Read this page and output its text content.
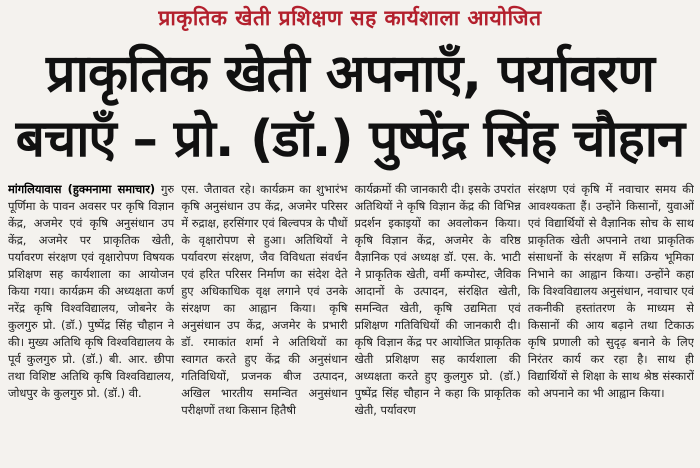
प्राकृतिक खेती प्रशिक्षण सह कार्यशाला आयोजित
प्राकृतिक खेती अपनाएँ, पर्यावरण
बचाएँ – प्रो. (डॉ.) पुष्पेंद्र सिंह चौहान
मांगलियावास (हुक्मनामा समाचार) गुरु पूर्णिमा के पावन अवसर पर कृषि विज्ञान केंद्र, अजमेर एवं कृषि अनुसंधान उप केंद्र, अजमेर पर प्राकृतिक खेती, पर्यावरण संरक्षण एवं वृक्षारोपण विषयक प्रशिक्षण सह कार्यशाला का आयोजन किया गया। कार्यक्रम की अध्यक्षता कर्ण नरेंद्र कृषि विश्वविद्यालय, जोबनेर के कुलगुरु प्रो. (डॉ.) पुष्पेंद्र सिंह चौहान ने की। मुख्य अतिथि कृषि विश्वविद्यालय के पूर्व कुलगुरु प्रो. (डॉ.) बी. आर. छीपा तथा विशिष्ट अतिथि कृषि विश्वविद्यालय, जोधपुर के कुलगुरु प्रो. (डॉ.) वी.
एस. जैतावत रहे। कार्यक्रम का शुभारंभ कृषि अनुसंधान उप केंद्र, अजमेर परिसर में रुद्राक्ष, हरसिंगार एवं बिल्वपत्र के पौधों के वृक्षारोपण से हुआ। अतिथियों ने पर्यावरण संरक्षण, जैव विविधता संवर्धन एवं हरित परिसर निर्माण का संदेश देते हुए अधिकाधिक वृक्ष लगाने एवं उनके संरक्षण का आह्वान किया। कृषि अनुसंधान उप केंद्र, अजमेर के प्रभारी डॉ. रमाकांत शर्मा ने अतिथियों का स्वागत करते हुए केंद्र की अनुसंधान गतिविधियों, प्रजनक बीज उत्पादन, अखिल भारतीय समन्वित अनुसंधान परीक्षणों तथा किसान हितैषी
कार्यक्रमों की जानकारी दी। इसके उपरांत अतिथियों ने कृषि विज्ञान केंद्र की विभिन्न प्रदर्शन इकाइयों का अवलोकन किया। कृषि विज्ञान केंद्र, अजमेर के वरिष्ठ वैज्ञानिक एवं अध्यक्ष डॉ. एस. के. भाटी ने प्राकृतिक खेती, वर्मी कम्पोस्ट, जैविक आदानों के उत्पादन, संरक्षित खेती, समन्वित खेती, कृषि उद्यमिता एवं प्रशिक्षण गतिविधियों की जानकारी दी। कृषि विज्ञान केंद्र पर आयोजित प्राकृतिक खेती प्रशिक्षण सह कार्यशाला की अध्यक्षता करते हुए कुलगुरु प्रो. (डॉ.) पुष्पेंद्र सिंह चौहान ने कहा कि प्राकृतिक खेती, पर्यावरण
संरक्षण एवं कृषि में नवाचार समय की आवश्यकता हैं। उन्होंने किसानों, युवाओं एवं विद्यार्थियों से वैज्ञानिक सोच के साथ प्राकृतिक खेती अपनाने तथा प्राकृतिक संसाधनों के संरक्षण में सक्रिय भूमिका निभाने का आह्वान किया। उन्होंने कहा कि विश्वविद्यालय अनुसंधान, नवाचार एवं तकनीकी हस्तांतरण के माध्यम से किसानों की आय बढ़ाने तथा टिकाऊ कृषि प्रणाली को सुदृढ़ बनाने के लिए निरंतर कार्य कर रहा है। साथ ही विद्यार्थियों से शिक्षा के साथ श्रेष्ठ संस्कारों को अपनाने का भी आह्वान किया।
